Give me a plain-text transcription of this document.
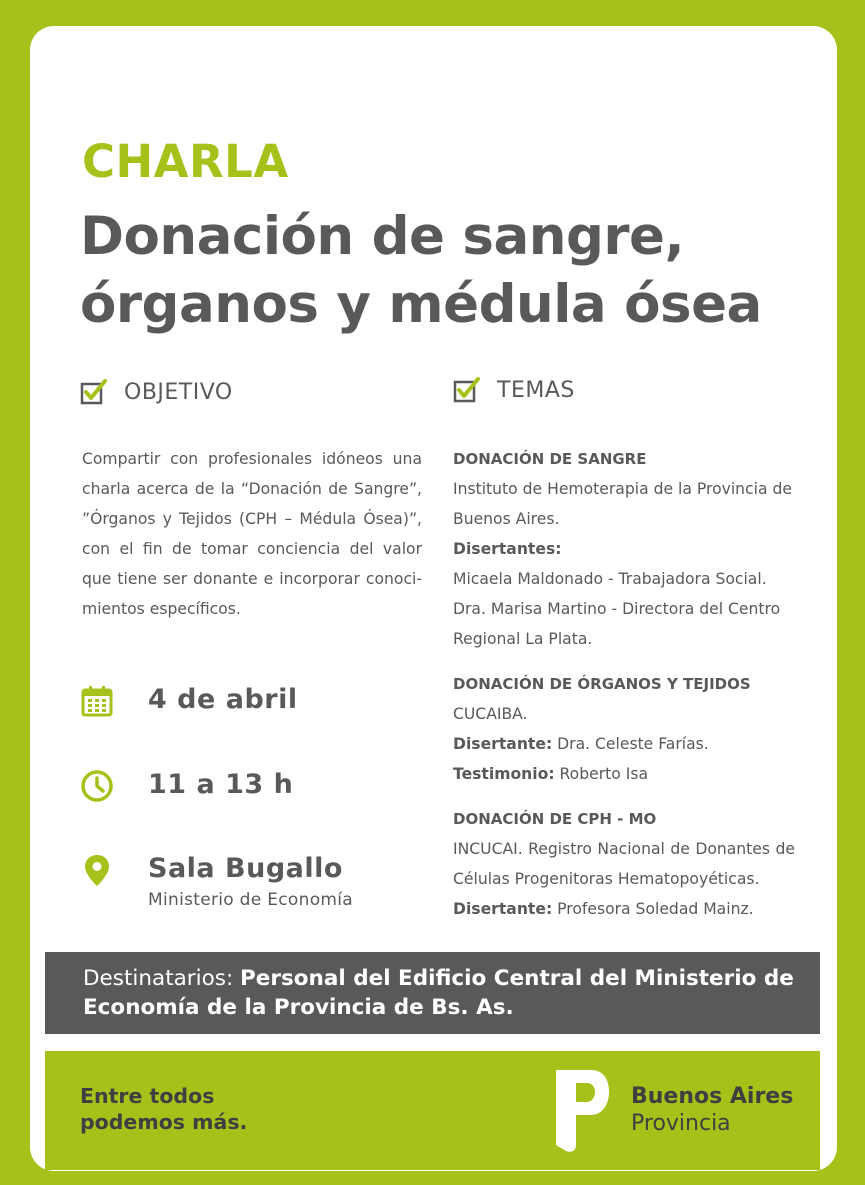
CHARLA
Donación de sangre,
órganos y médula ósea
OBJETIVO
Compartir con profesionales idóneos una charla acerca de la “Donación de Sangre”, ”Órganos y Tejidos (CPH – Médula Ósea)”, con el fin de tomar conciencia del valor que tiene ser donante e incorporar conoci-mientos específicos.
4 de abril
11 a 13 h
Sala Bugallo
Ministerio de Economía
TEMAS
DONACIÓN DE SANGRE
Instituto de Hemoterapia de la Provincia de Buenos Aires.
Disertantes:
Micaela Maldonado - Trabajadora Social.
Dra. Marisa Martino - Directora del Centro Regional La Plata.
DONACIÓN DE ÓRGANOS Y TEJIDOS
CUCAIBA.
Disertante: Dra. Celeste Farías.
Testimonio: Roberto Isa
DONACIÓN DE CPH - MO
INCUCAI. Registro Nacional de Donantes de Células Progenitoras Hematopoyéticas.
Disertante: Profesora Soledad Mainz.
Destinatarios: Personal del Edificio Central del Ministerio de Economía de la Provincia de Bs. As.
Entre todos
podemos más.
Buenos Aires
Provincia
